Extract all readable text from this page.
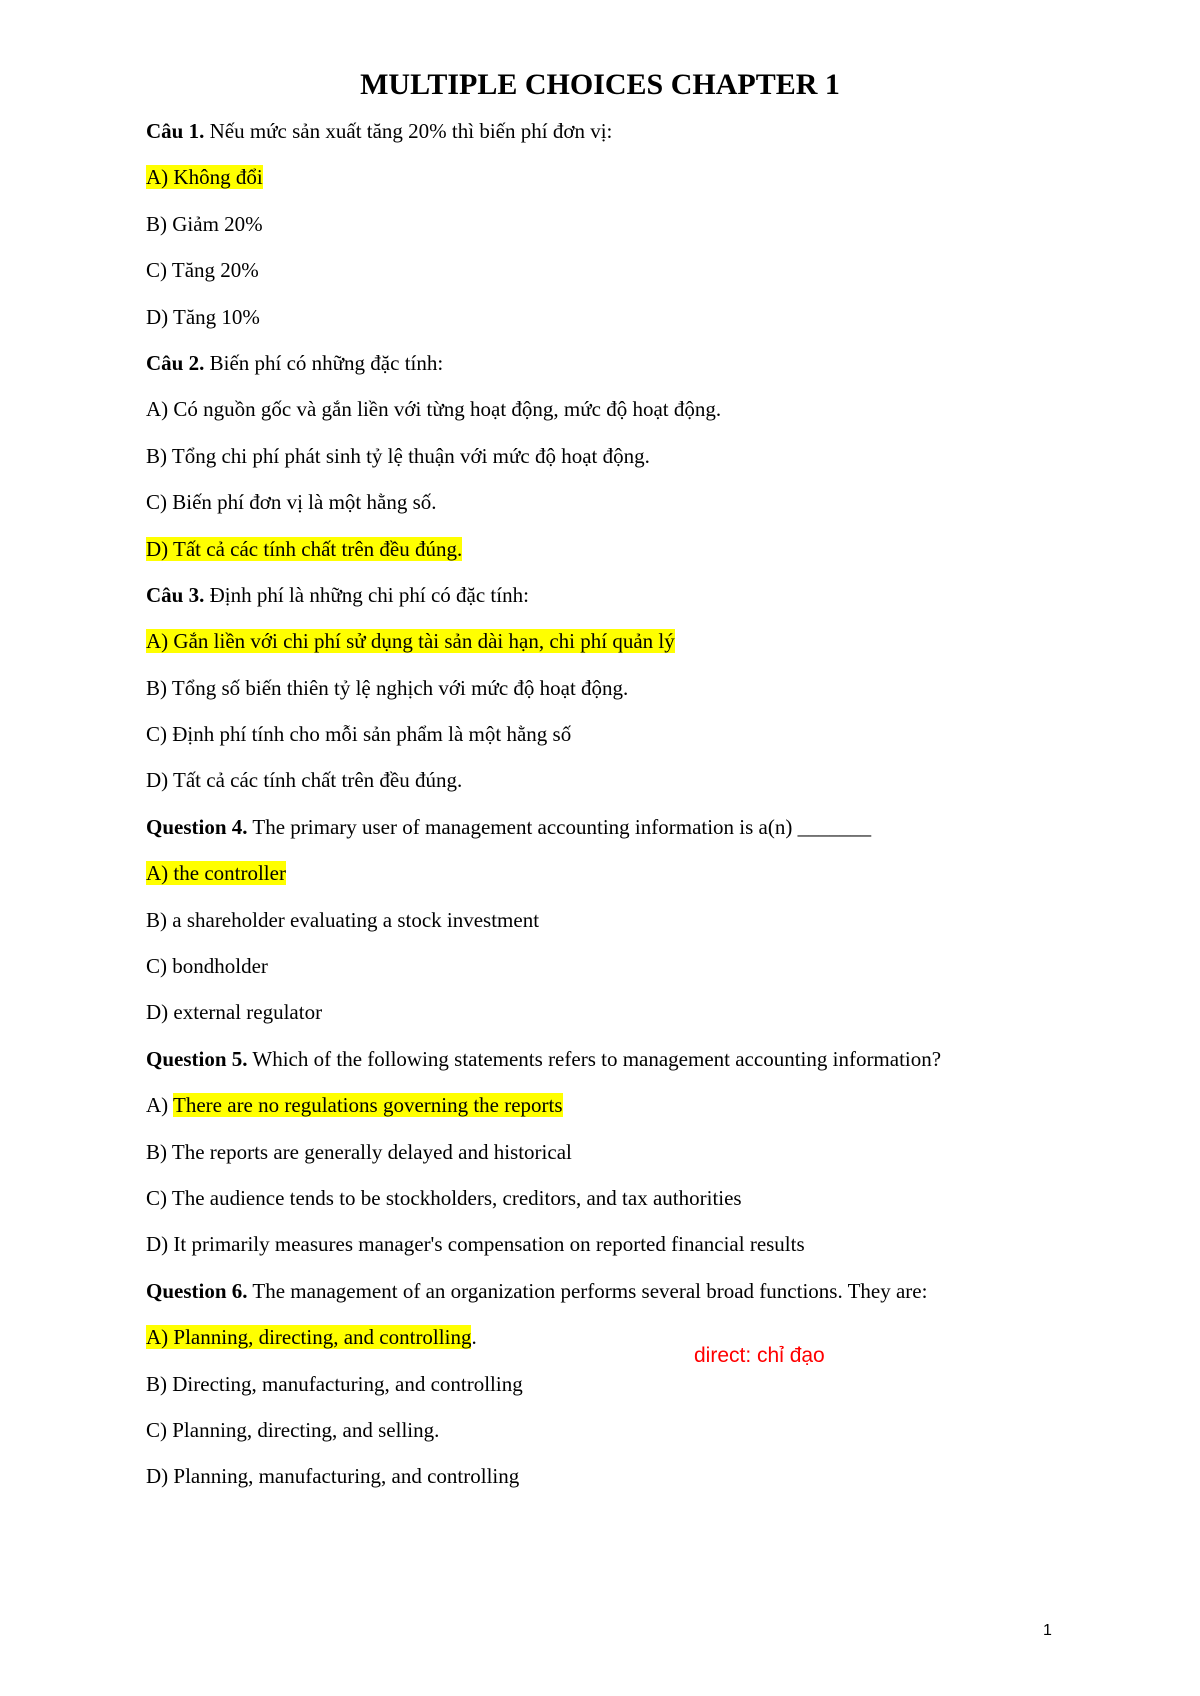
MULTIPLE CHOICES CHAPTER 1
Câu 1. Nếu mức sản xuất tăng 20% thì biến phí đơn vị:
A) Không đổi
B) Giảm 20%
C) Tăng 20%
D) Tăng 10%
Câu 2. Biến phí có những đặc tính:
A) Có nguồn gốc và gắn liền với từng hoạt động, mức độ hoạt động.
B) Tổng chi phí phát sinh tỷ lệ thuận với mức độ hoạt động.
C) Biến phí đơn vị là một hằng số.
D) Tất cả các tính chất trên đều đúng.
Câu 3. Định phí là những chi phí có đặc tính:
A) Gắn liền với chi phí sử dụng tài sản dài hạn, chi phí quản lý
B) Tổng số biến thiên tỷ lệ nghịch với mức độ hoạt động.
C) Định phí tính cho mỗi sản phẩm là một hằng số
D) Tất cả các tính chất trên đều đúng.
Question 4. The primary user of management accounting information is a(n) _______
A) the controller
B) a shareholder evaluating a stock investment
C) bondholder
D) external regulator
Question 5. Which of the following statements refers to management accounting information?
A) There are no regulations governing the reports
B) The reports are generally delayed and historical
C) The audience tends to be stockholders, creditors, and tax authorities
D) It primarily measures manager's compensation on reported financial results
Question 6. The management of an organization performs several broad functions. They are:
A) Planning, directing, and controlling.
B) Directing, manufacturing, and controlling
C) Planning, directing, and selling.
D) Planning, manufacturing, and controlling
direct: chỉ đạo
1
